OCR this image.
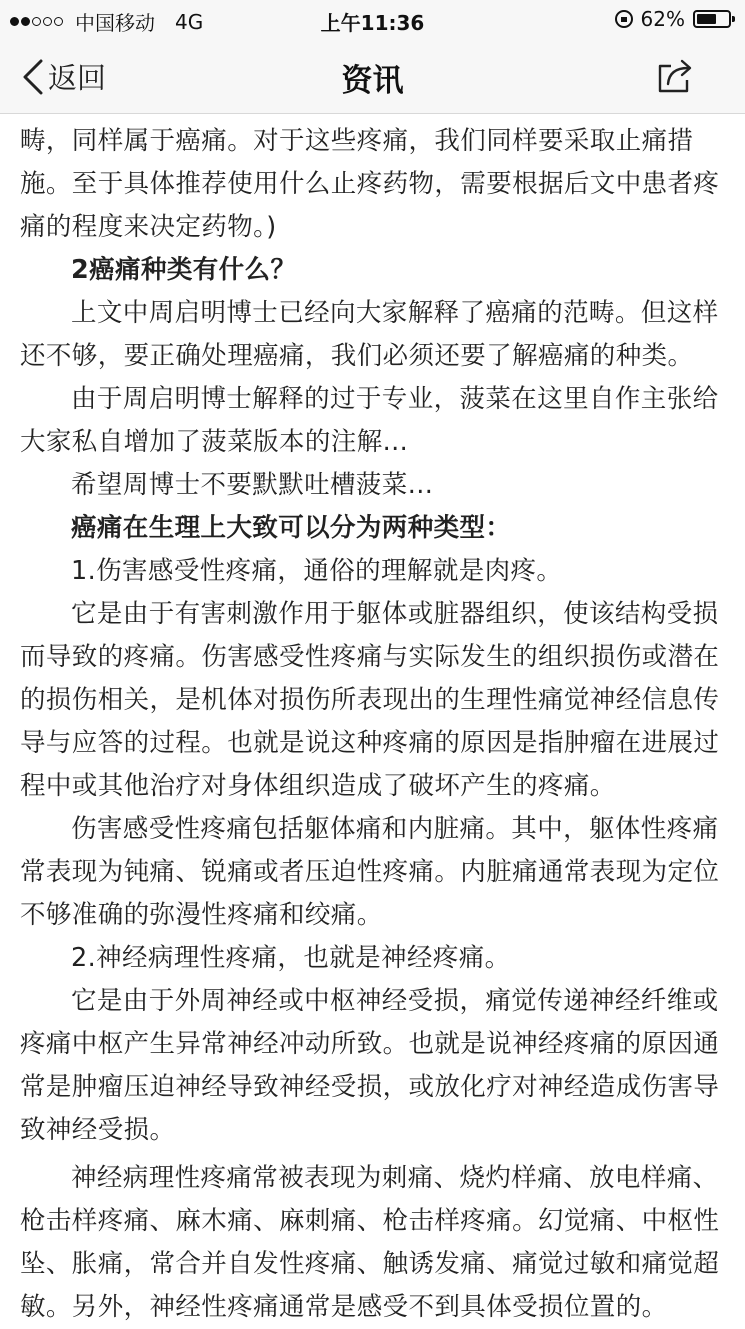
中国移动 4G	上午11:36	62%
返回	资讯

畴，同样属于癌痛。对于这些疼痛，我们同样要采取止痛措施。至于具体推荐使用什么止疼药物，需要根据后文中患者疼痛的程度来决定药物。)

2癌痛种类有什么？

上文中周启明博士已经向大家解释了癌痛的范畴。但这样还不够，要正确处理癌痛，我们必须还要了解癌痛的种类。

由于周启明博士解释的过于专业，菠菜在这里自作主张给大家私自增加了菠菜版本的注解...

希望周博士不要默默吐槽菠菜...

癌痛在生理上大致可以分为两种类型：

1.伤害感受性疼痛，通俗的理解就是肉疼。

它是由于有害刺激作用于躯体或脏器组织，使该结构受损而导致的疼痛。伤害感受性疼痛与实际发生的组织损伤或潜在的损伤相关，是机体对损伤所表现出的生理性痛觉神经信息传导与应答的过程。也就是说这种疼痛的原因是指肿瘤在进展过程中或其他治疗对身体组织造成了破坏产生的疼痛。

伤害感受性疼痛包括躯体痛和内脏痛。其中，躯体性疼痛常表现为钝痛、锐痛或者压迫性疼痛。内脏痛通常表现为定位不够准确的弥漫性疼痛和绞痛。

2.神经病理性疼痛，也就是神经疼痛。

它是由于外周神经或中枢神经受损，痛觉传递神经纤维或疼痛中枢产生异常神经冲动所致。也就是说神经疼痛的原因通常是肿瘤压迫神经导致神经受损，或放化疗对神经造成伤害导致神经受损。

神经病理性疼痛常被表现为刺痛、烧灼样痛、放电样痛、枪击样疼痛、麻木痛、麻刺痛、枪击样疼痛。幻觉痛、中枢性坠、胀痛，常合并自发性疼痛、触诱发痛、痛觉过敏和痛觉超敏。另外，神经性疼痛通常是感受不到具体受损位置的。
